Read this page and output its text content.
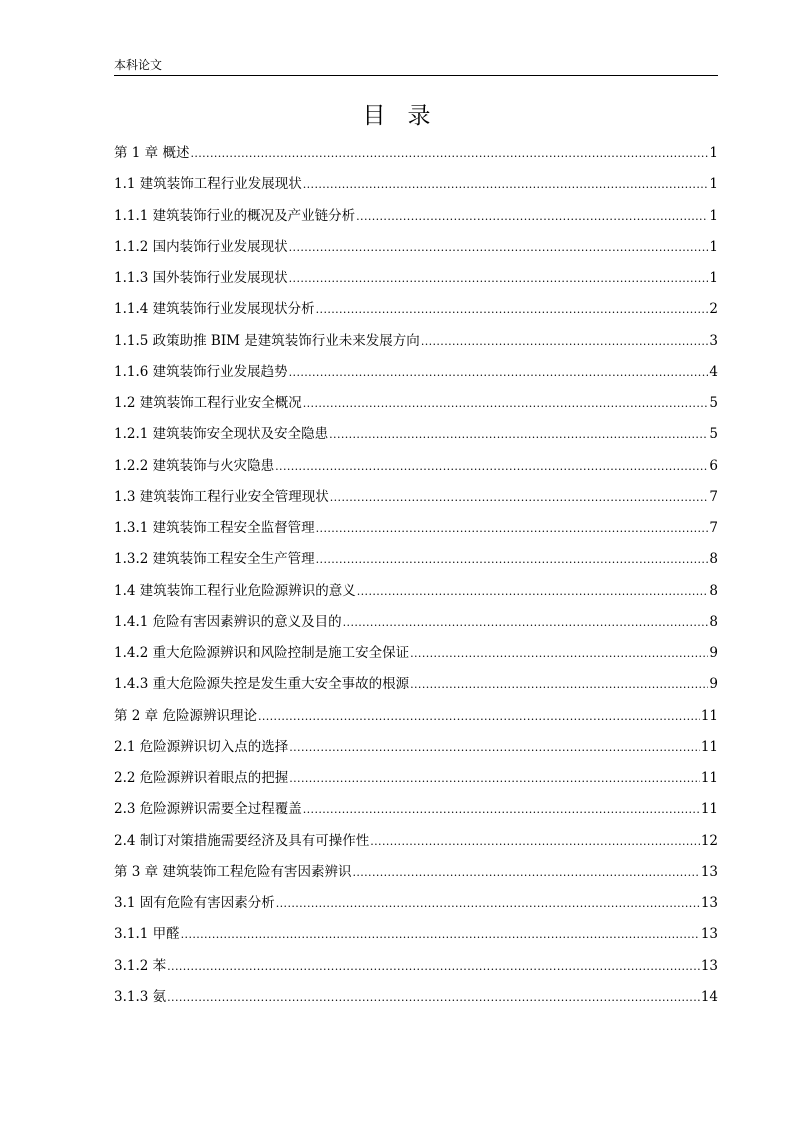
本科论文
目录
第 1 章 概述 .....	1
1.1 建筑装饰工程行业发展现状 .....	1
1.1.1 建筑装饰行业的概况及产业链分析 .....	1
1.1.2 国内装饰行业发展现状 .....	1
1.1.3 国外装饰行业发展现状 .....	1
1.1.4 建筑装饰行业发展现状分析 .....	2
1.1.5 政策助推 BIM 是建筑装饰行业未来发展方向 .....	3
1.1.6 建筑装饰行业发展趋势 .....	4
1.2 建筑装饰工程行业安全概况 .....	5
1.2.1 建筑装饰安全现状及安全隐患 .....	5
1.2.2 建筑装饰与火灾隐患 .....	6
1.3 建筑装饰工程行业安全管理现状 .....	7
1.3.1 建筑装饰工程安全监督管理 .....	7
1.3.2 建筑装饰工程安全生产管理 .....	8
1.4 建筑装饰工程行业危险源辨识的意义 .....	8
1.4.1 危险有害因素辨识的意义及目的 .....	8
1.4.2 重大危险源辨识和风险控制是施工安全保证 .....	9
1.4.3 重大危险源失控是发生重大安全事故的根源 .....	9
第 2 章 危险源辨识理论 .....	11
2.1 危险源辨识切入点的选择 .....	11
2.2 危险源辨识着眼点的把握 .....	11
2.3 危险源辨识需要全过程覆盖 .....	11
2.4 制订对策措施需要经济及具有可操作性 .....	12
第 3 章 建筑装饰工程危险有害因素辨识 .....	13
3.1 固有危险有害因素分析 .....	13
3.1.1 甲醛 .....	13
3.1.2 苯 .....	13
3.1.3 氨 .....	14
